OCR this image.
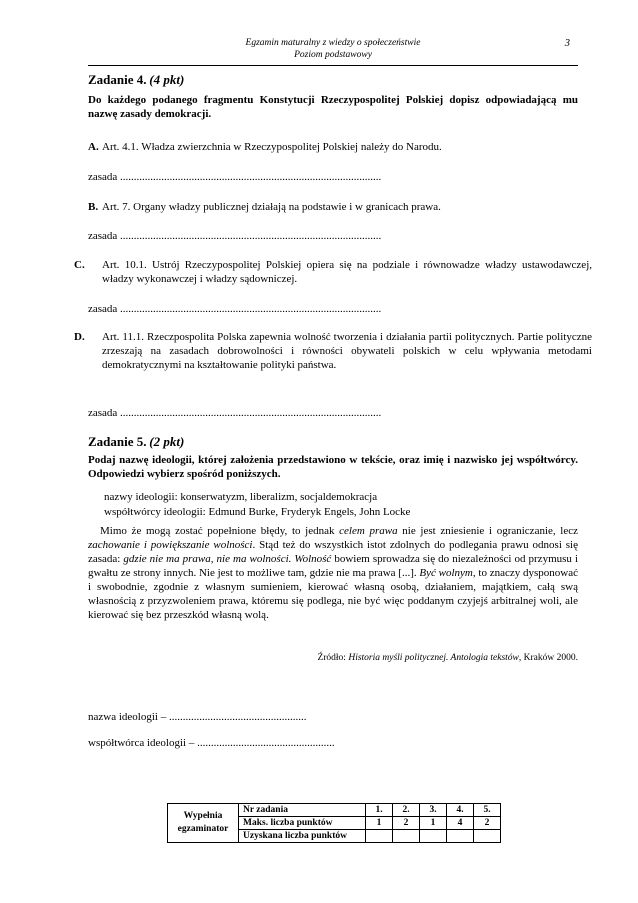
Egzamin maturalny z wiedzy o społeczeństwie
Poziom podstawowy
3
Zadanie 4. (4 pkt)
Do każdego podanego fragmentu Konstytucji Rzeczypospolitej Polskiej dopisz odpowiadającą mu nazwę zasady demokracji.
A. Art. 4.1. Władza zwierzchnia w Rzeczypospolitej Polskiej należy do Narodu.
zasada ...............................................................................................
B. Art. 7. Organy władzy publicznej działają na podstawie i w granicach prawa.
zasada ...............................................................................................
C. Art. 10.1. Ustrój Rzeczypospolitej Polskiej opiera się na podziale i równowadze władzy ustawodawczej, władzy wykonawczej i władzy sądowniczej.
zasada ...............................................................................................
D. Art. 11.1. Rzeczpospolita Polska zapewnia wolność tworzenia i działania partii politycznych. Partie polityczne zrzeszają na zasadach dobrowolności i równości obywateli polskich w celu wpływania metodami demokratycznymi na kształtowanie polityki państwa.
zasada ...............................................................................................
Zadanie 5. (2 pkt)
Podaj nazwę ideologii, której założenia przedstawiono w tekście, oraz imię i nazwisko jej współtwórcy. Odpowiedzi wybierz spośród poniższych.
nazwy ideologii: konserwatyzm, liberalizm, socjaldemokracja
współtwórcy ideologii: Edmund Burke, Fryderyk Engels, John Locke
Mimo że mogą zostać popełnione błędy, to jednak celem prawa nie jest zniesienie i ograniczanie, lecz zachowanie i powiększanie wolności. Stąd też do wszystkich istot zdolnych do podlegania prawu odnosi się zasada: gdzie nie ma prawa, nie ma wolności. Wolność bowiem sprowadza się do niezależności od przymusu i gwałtu ze strony innych. Nie jest to możliwe tam, gdzie nie ma prawa [...]. Być wolnym, to znaczy dysponować i swobodnie, zgodnie z własnym sumieniem, kierować własną osobą, działaniem, majątkiem, całą swą własnością z przyzwoleniem prawa, któremu się podlega, nie być więc poddanym czyjejś arbitralnej woli, ale kierować się bez przeszkód własną wolą.
Źródło: Historia myśli politycznej. Antologia tekstów, Kraków 2000.
nazwa ideologii – ..................................................
współtwórca ideologii – ..................................................
Wypełnia
egzaminator	Nr zadania	1.	2.	3.	4.	5.
	Maks. liczba punktów	1	2	1	4	2
	Uzyskana liczba punktów					
